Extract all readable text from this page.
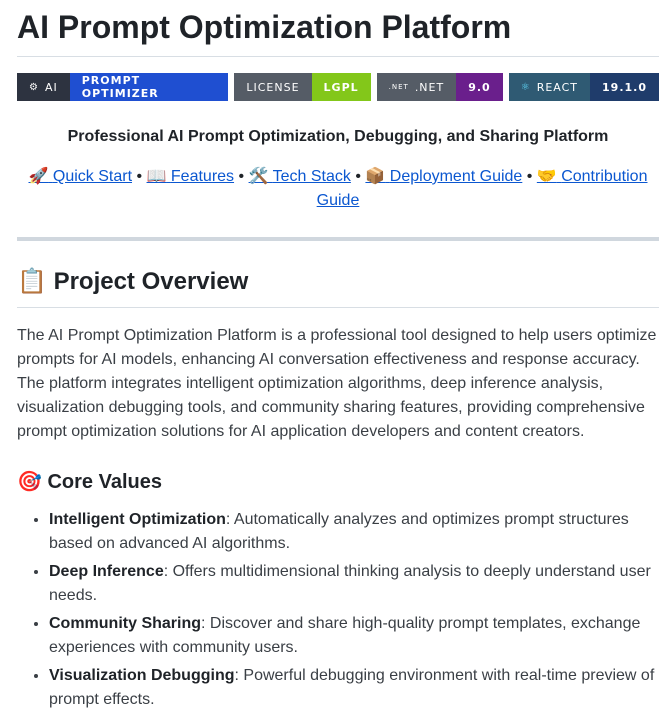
AI Prompt Optimization Platform
⚙ AI	PROMPT OPTIMIZER	LICENSE	LGPL	.NET .NET	9.0	⚛ REACT	19.1.0
Professional AI Prompt Optimization, Debugging, and Sharing Platform
🚀 Quick Start • 📖 Features • 🛠️ Tech Stack • 📦 Deployment Guide • 🤝 Contribution Guide
📋 Project Overview

The AI Prompt Optimization Platform is a professional tool designed to help users optimize prompts for AI models, enhancing AI conversation effectiveness and response accuracy. The platform integrates intelligent optimization algorithms, deep inference analysis, visualization debugging tools, and community sharing features, providing comprehensive prompt optimization solutions for AI application developers and content creators.

🎯 Core Values
• Intelligent Optimization: Automatically analyzes and optimizes prompt structures based on advanced AI algorithms.
• Deep Inference: Offers multidimensional thinking analysis to deeply understand user needs.
• Community Sharing: Discover and share high-quality prompt templates, exchange experiences with community users.
• Visualization Debugging: Powerful debugging environment with real-time preview of prompt effects.
